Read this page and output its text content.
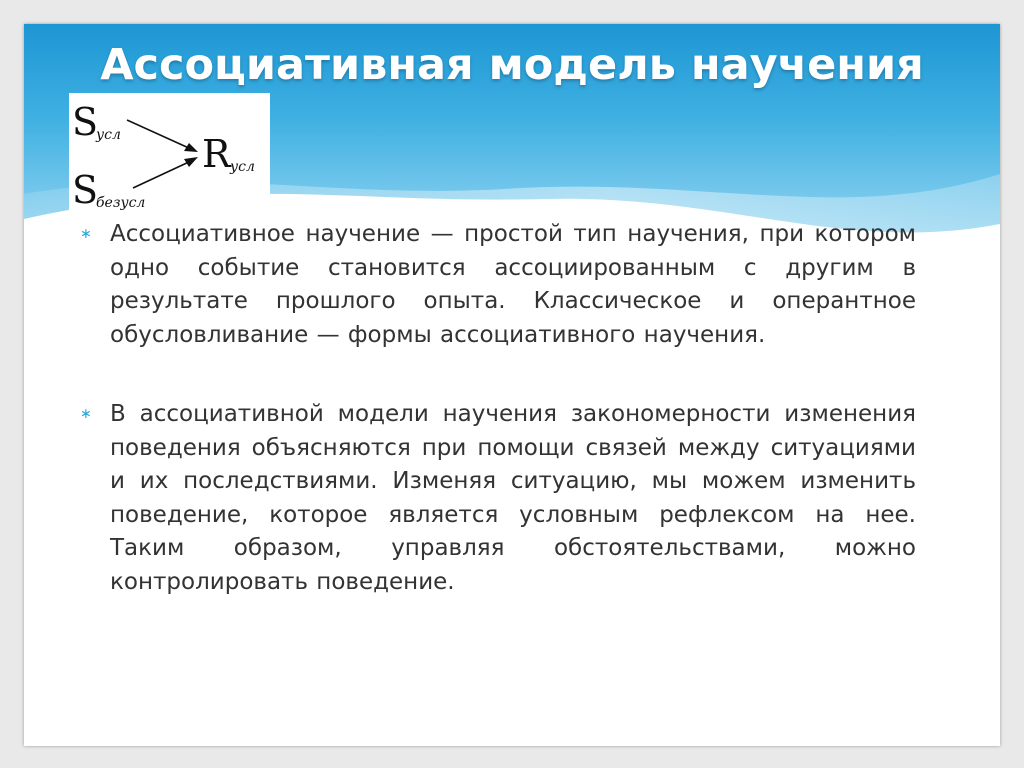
Ассоциативная модель научения
S
усл
S
безусл
R усл
∗ Ассоциативное научение — простой тип научения, при котором одно событие становится ассоциированным с другим в результате прошлого опыта. Классическое и оперантное обусловливание — формы ассоциативного научения.
∗ В ассоциативной модели научения закономерности изменения поведения объясняются при помощи связей между ситуациями и их последствиями. Изменяя ситуацию, мы можем изменить поведение, которое является условным рефлексом на нее. Таким образом, управляя обстоятельствами, можно контролировать поведение.
